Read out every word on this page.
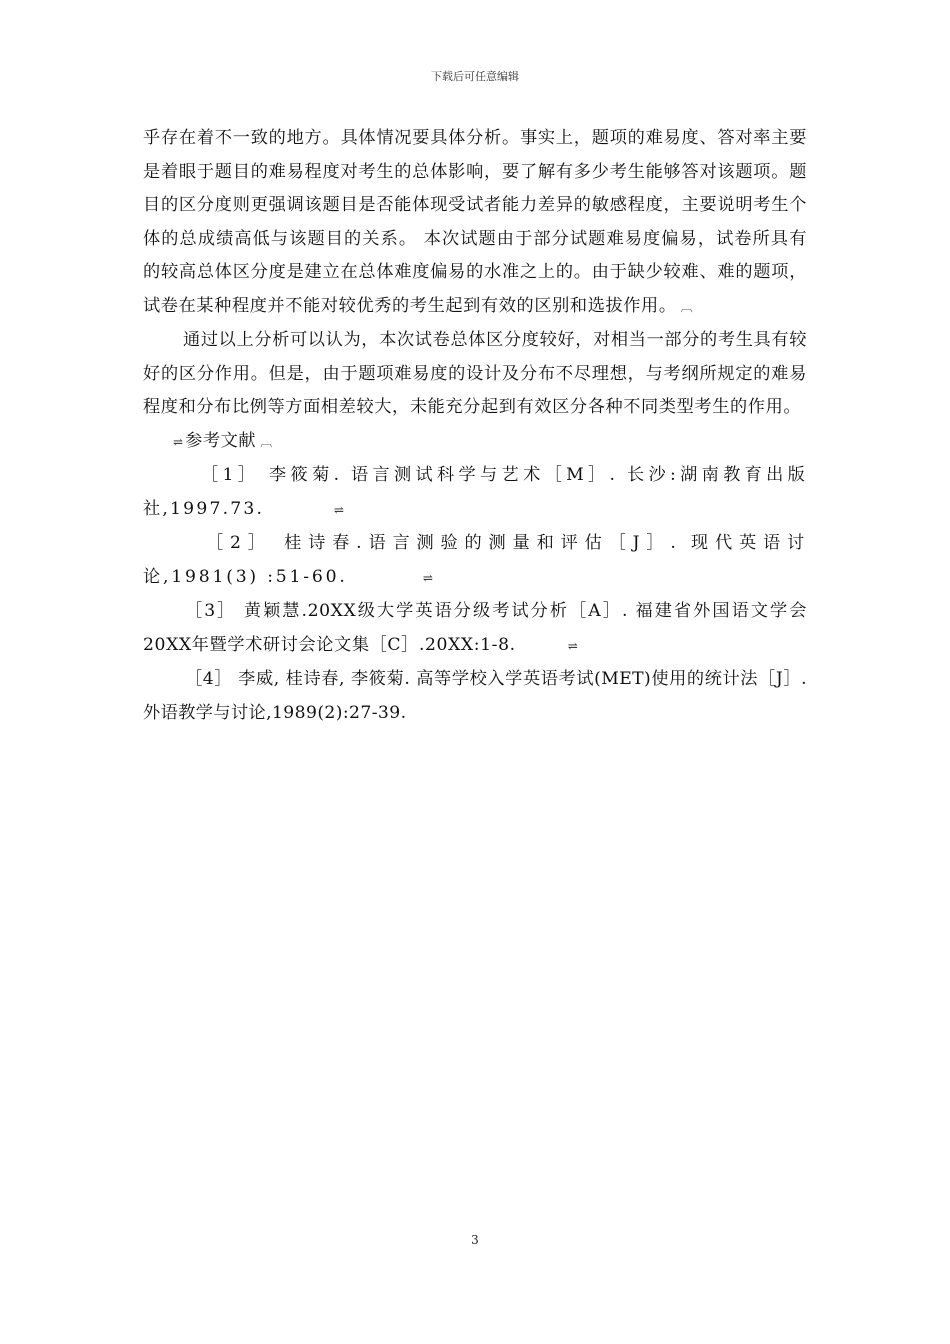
下载后可任意编辑

乎存在着不一致的地方。具体情况要具体分析。事实上，题项的难易度、答对率主要是着眼于题目的难易程度对考生的总体影响，要了解有多少考生能够答对该题项。题目的区分度则更强调该题目是否能体现受试者能力差异的敏感程度，主要说明考生个体的总成绩高低与该题目的关系。 本次试题由于部分试题难易度偏易，试卷所具有的较高总体区分度是建立在总体难度偏易的水准之上的。由于缺少较难、难的题项，试卷在某种程度并不能对较优秀的考生起到有效的区别和选拔作用。 ︹

通过以上分析可以认为，本次试卷总体区分度较好，对相当一部分的考生具有较好的区分作用。但是，由于题项难易度的设计及分布不尽理想，与考纲所规定的难易程度和分布比例等方面相差较大，未能充分起到有效区分各种不同类型考生的作用。

⇌ 参考文献 ︹

［1］ 李筱菊. 语言测试科学与艺术［M］. 长沙:湖南教育出版社,1997.73.	⇌

［2］ 桂诗春.语言测验的测量和评估［J］. 现代英语讨论,1981(3) :51-60.	⇌

［3］ 黄颖慧.20XX级大学英语分级考试分析［A］. 福建省外国语文学会20XX年暨学术研讨会论文集［C］.20XX:1-8.	⇌

［4］ 李威, 桂诗春, 李筱菊. 高等学校入学英语考试(MET)使用的统计法［J］.外语教学与讨论,1989(2):27-39.

3
